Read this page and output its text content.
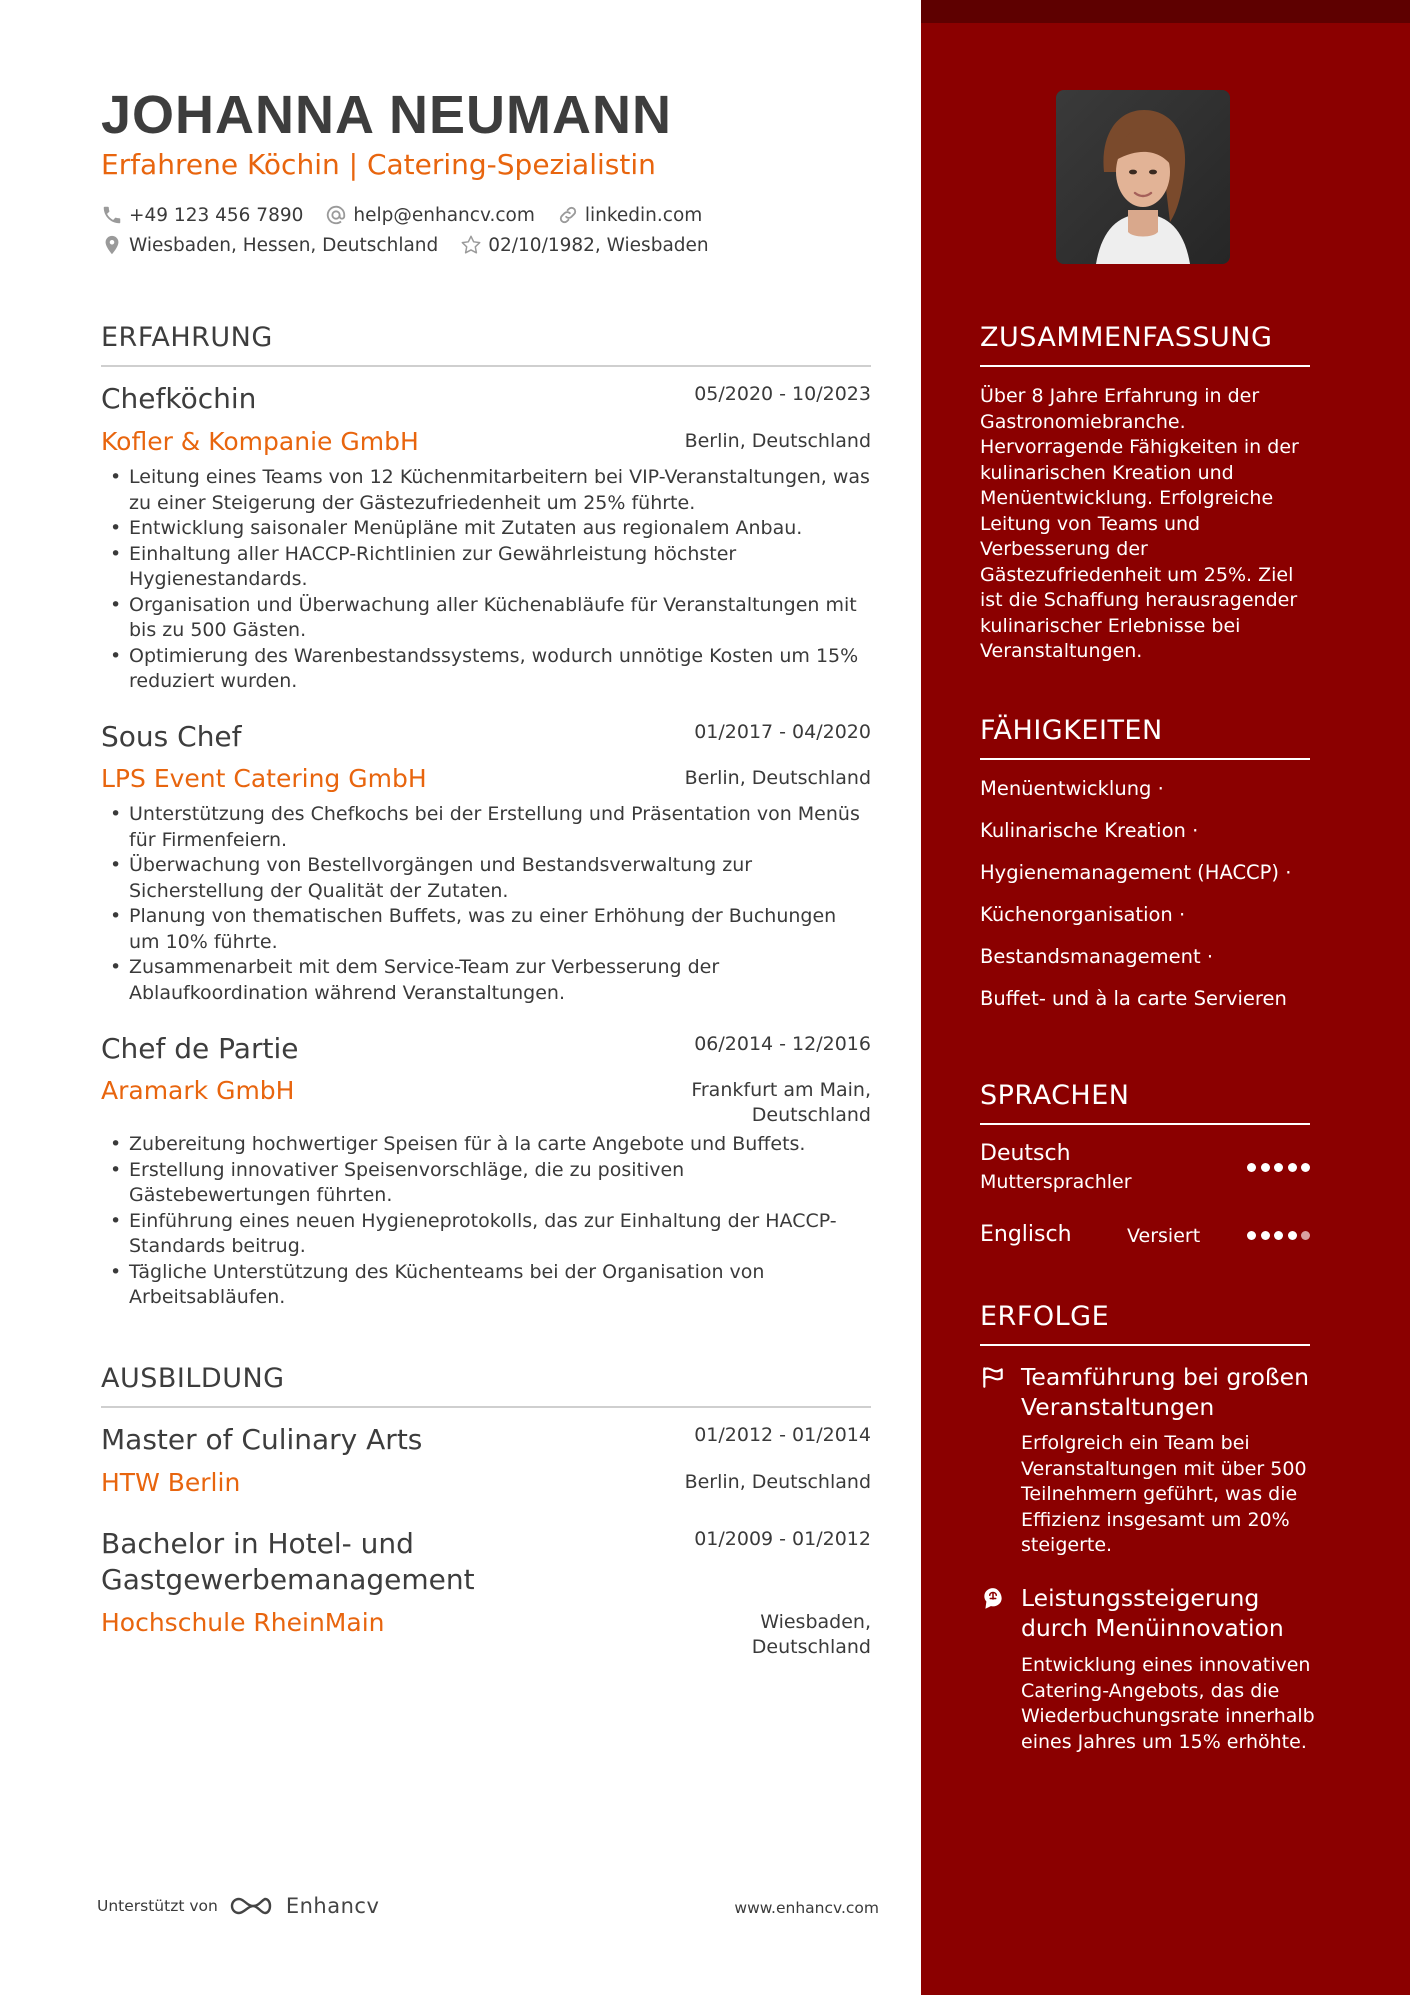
JOHANNA NEUMANN
Erfahrene Köchin | Catering-Spezialistin
+49 123 456 7890	help@enhancv.com	linkedin.com
Wiesbaden, Hessen, Deutschland	02/10/1982, Wiesbaden
ERFAHRUNG
Chefköchin	05/2020 - 10/2023
Kofler & Kompanie GmbH	Berlin, Deutschland
• Leitung eines Teams von 12 Küchenmitarbeitern bei VIP-Veranstaltungen, was zu einer Steigerung der Gästezufriedenheit um 25% führte.
• Entwicklung saisonaler Menüpläne mit Zutaten aus regionalem Anbau.
• Einhaltung aller HACCP-Richtlinien zur Gewährleistung höchster Hygienestandards.
• Organisation und Überwachung aller Küchenabläufe für Veranstaltungen mit bis zu 500 Gästen.
• Optimierung des Warenbestandssystems, wodurch unnötige Kosten um 15% reduziert wurden.
Sous Chef	01/2017 - 04/2020
LPS Event Catering GmbH	Berlin, Deutschland
• Unterstützung des Chefkochs bei der Erstellung und Präsentation von Menüs für Firmenfeiern.
• Überwachung von Bestellvorgängen und Bestandsverwaltung zur Sicherstellung der Qualität der Zutaten.
• Planung von thematischen Buffets, was zu einer Erhöhung der Buchungen um 10% führte.
• Zusammenarbeit mit dem Service-Team zur Verbesserung der Ablaufkoordination während Veranstaltungen.
Chef de Partie	06/2014 - 12/2016
Aramark GmbH	Frankfurt am Main,
Deutschland
• Zubereitung hochwertiger Speisen für à la carte Angebote und Buffets.
• Erstellung innovativer Speisenvorschläge, die zu positiven Gästebewertungen führten.
• Einführung eines neuen Hygieneprotokolls, das zur Einhaltung der HACCP-Standards beitrug.
• Tägliche Unterstützung des Küchenteams bei der Organisation von Arbeitsabläufen.
AUSBILDUNG
Master of Culinary Arts	01/2012 - 01/2014
HTW Berlin	Berlin, Deutschland
Bachelor in Hotel- und
Gastgewerbemanagement
01/2009 - 01/2012
Hochschule RheinMain	Wiesbaden,
Deutschland
Unterstützt von	Enhancv	www.enhancv.com
ZUSAMMENFASSUNG
Über 8 Jahre Erfahrung in der Gastronomiebranche. Hervorragende Fähigkeiten in der kulinarischen Kreation und Menüentwicklung. Erfolgreiche Leitung von Teams und Verbesserung der Gästezufriedenheit um 25%. Ziel ist die Schaffung herausragender kulinarischer Erlebnisse bei Veranstaltungen.
FÄHIGKEITEN
Menüentwicklung ·
Kulinarische Kreation ·
Hygienemanagement (HACCP) ·
Küchenorganisation ·
Bestandsmanagement ·
Buffet- und à la carte Servieren
SPRACHEN
Deutsch
Muttersprachler
Englisch	Versiert
ERFOLGE
Teamführung bei großen Veranstaltungen
Erfolgreich ein Team bei Veranstaltungen mit über 500 Teilnehmern geführt, was die Effizienz insgesamt um 20% steigerte.
Leistungssteigerung durch Menüinnovation
Entwicklung eines innovativen Catering-Angebots, das die Wiederbuchungsrate innerhalb eines Jahres um 15% erhöhte.
